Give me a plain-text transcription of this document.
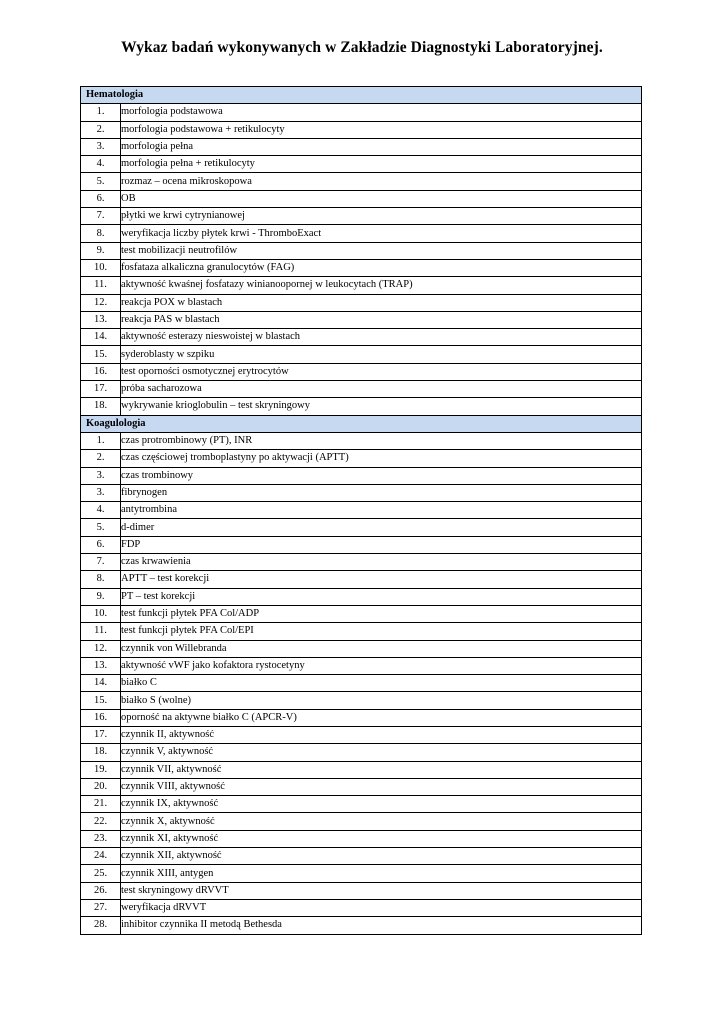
Wykaz badań wykonywanych w Zakładzie Diagnostyki Laboratoryjnej.
Hematologia	
1.	morfologia podstawowa
2.	morfologia podstawowa + retikulocyty
3.	morfologia pełna
4.	morfologia pełna + retikulocyty
5.	rozmaz – ocena mikroskopowa
6.	OB
7.	płytki we krwi cytrynianowej
8.	weryfikacja liczby płytek krwi - ThromboExact
9.	test mobilizacji neutrofilów
10.	fosfataza alkaliczna granulocytów (FAG)
11.	aktywność kwaśnej fosfatazy winianoopornej w leukocytach (TRAP)
12.	reakcja POX w blastach
13.	reakcja PAS w blastach
14.	aktywność esterazy nieswoistej w blastach
15.	syderoblasty w szpiku
16.	test oporności osmotycznej erytrocytów
17.	próba sacharozowa
18.	wykrywanie krioglobulin – test skryningowy
Koagulologia	
1.	czas protrombinowy (PT), INR
2.	czas częściowej tromboplastyny po aktywacji (APTT)
3.	czas trombinowy
3.	fibrynogen
4.	antytrombina
5.	d-dimer
6.	FDP
7.	czas krwawienia
8.	APTT – test korekcji
9.	PT – test korekcji
10.	test funkcji płytek PFA Col/ADP
11.	test funkcji płytek PFA Col/EPI
12.	czynnik von Willebranda
13.	aktywność vWF jako kofaktora rystocetyny
14.	białko C
15.	białko S (wolne)
16.	oporność na aktywne białko C (APCR-V)
17.	czynnik II, aktywność
18.	czynnik V, aktywność
19.	czynnik VII, aktywność
20.	czynnik VIII, aktywność
21.	czynnik IX, aktywność
22.	czynnik X, aktywność
23.	czynnik XI, aktywność
24.	czynnik XII, aktywność
25.	czynnik XIII, antygen
26.	test skryningowy dRVVT
27.	weryfikacja dRVVT
28.	inhibitor czynnika II metodą Bethesda
